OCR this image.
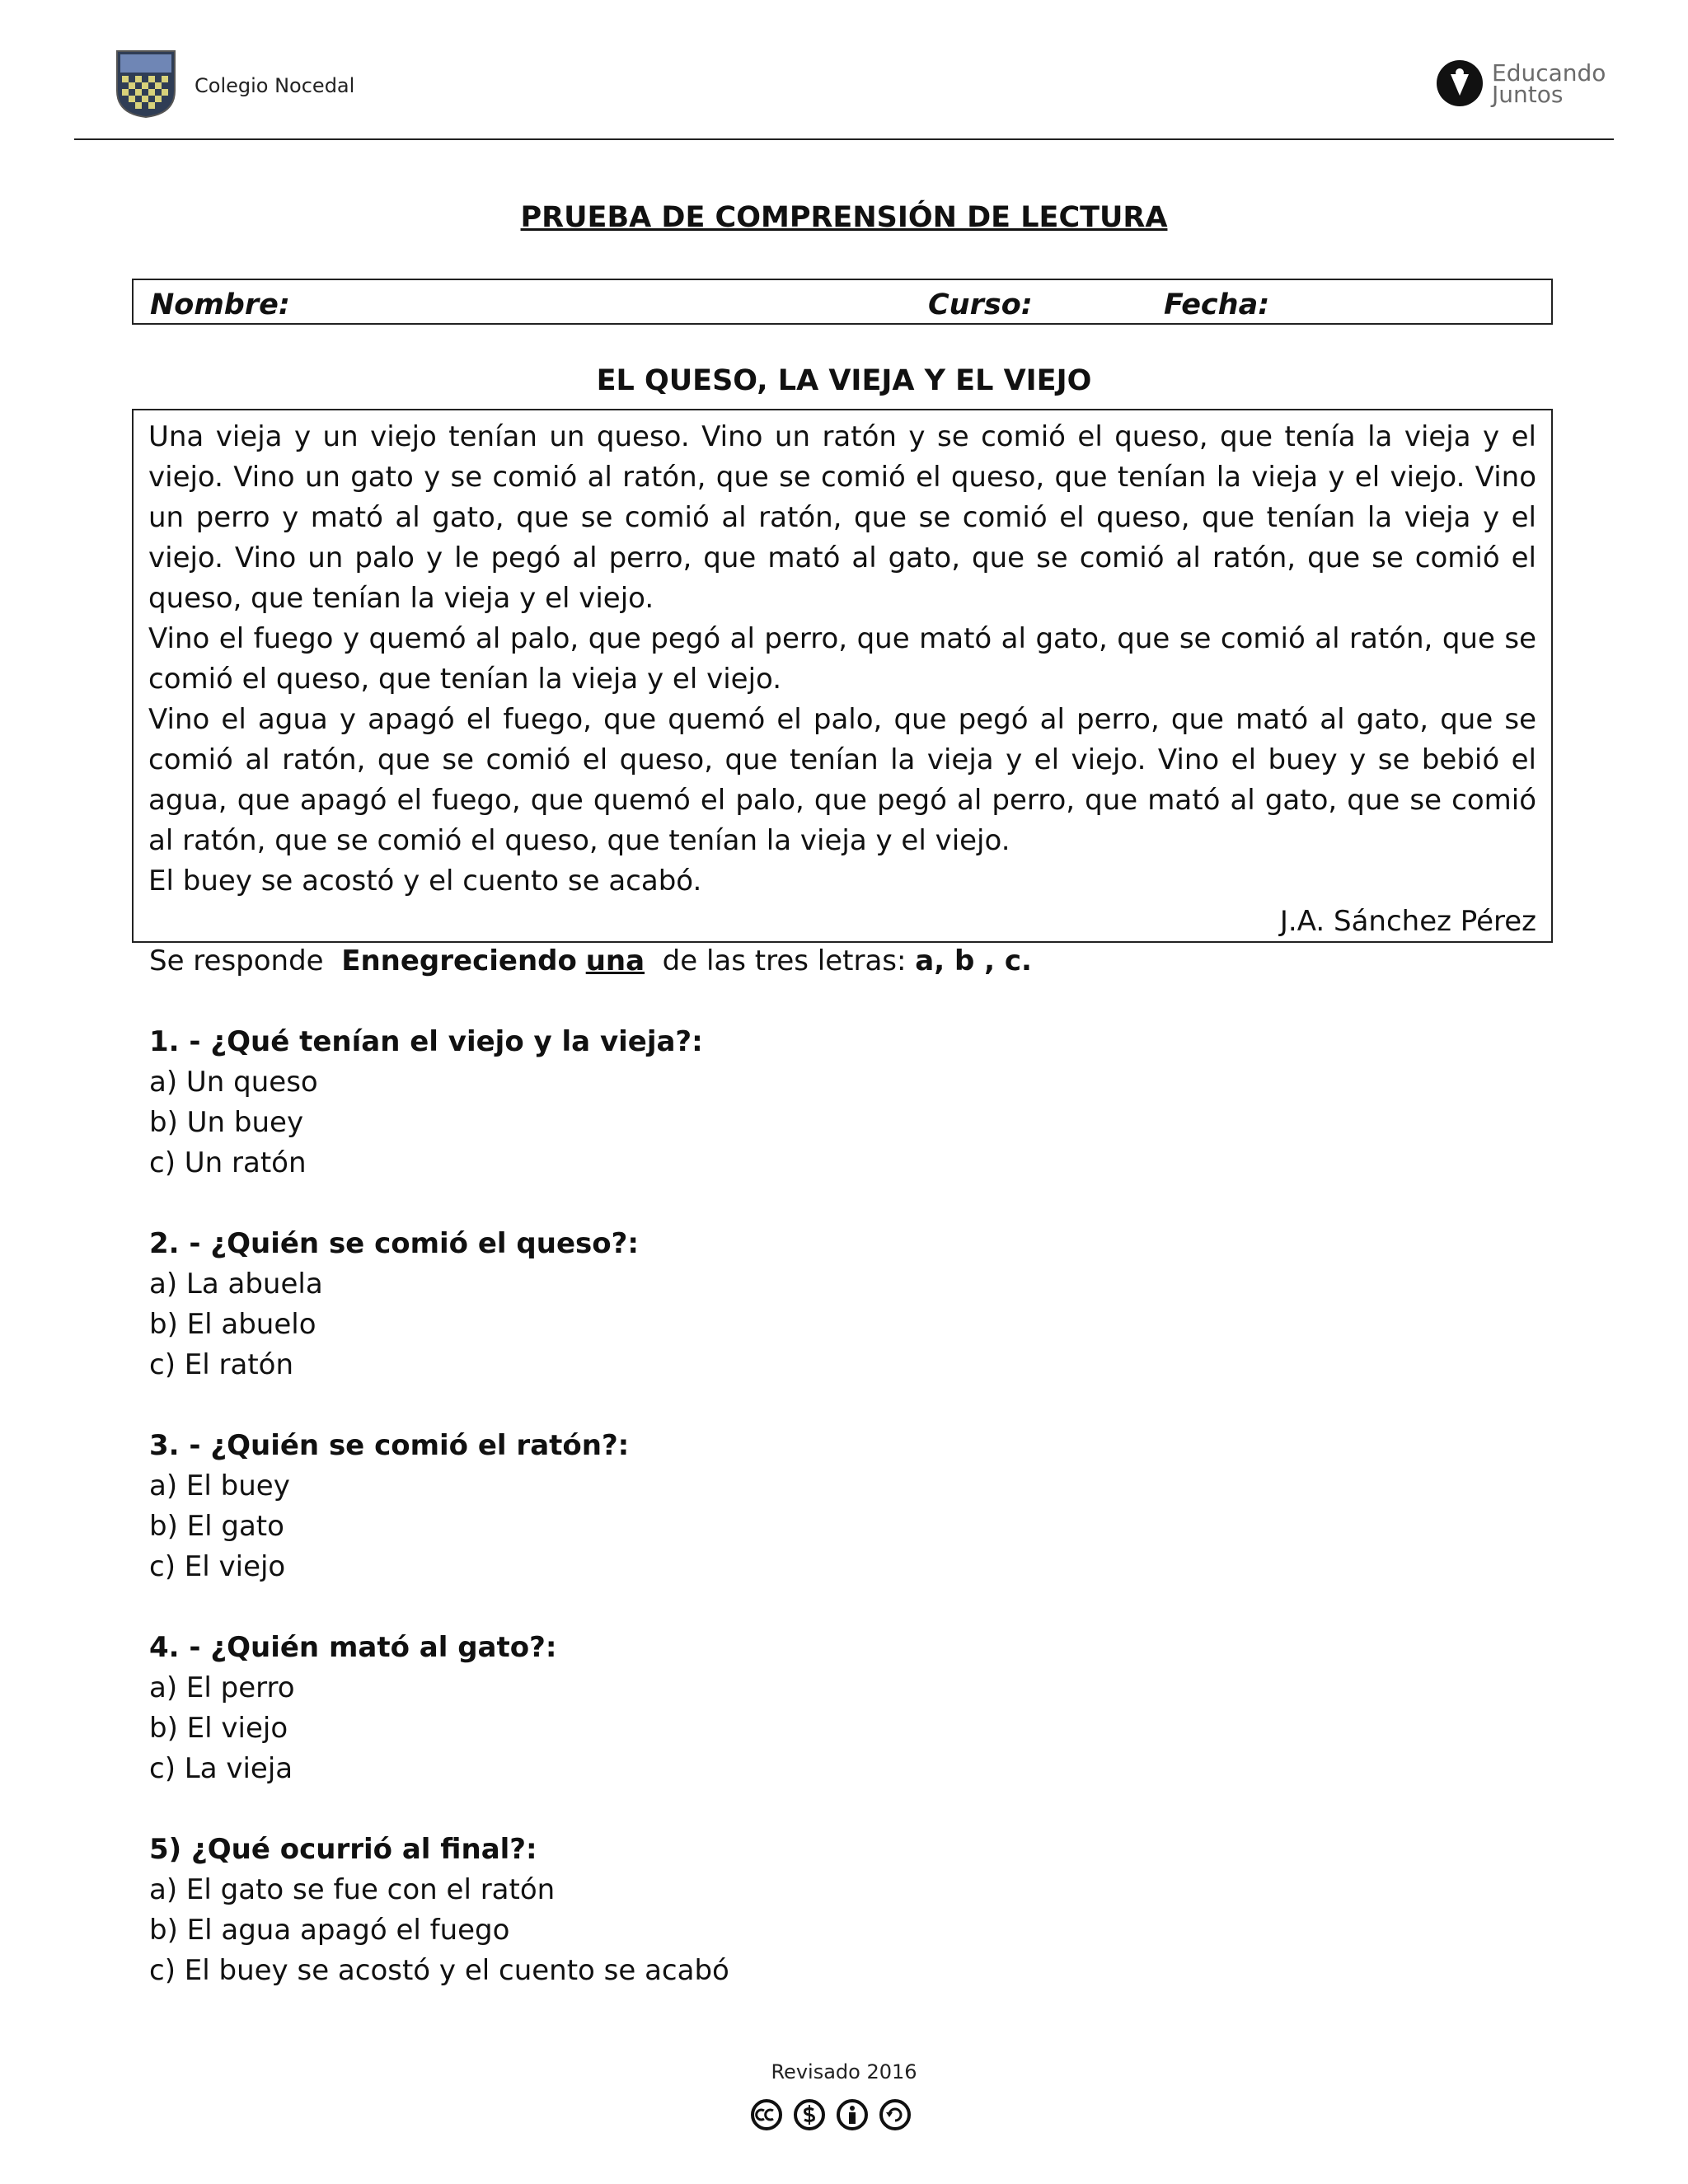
Colegio Nocedal	Educando
Juntos
PRUEBA DE COMPRENSIÓN DE LECTURA
Nombre:	Curso:	Fecha:
EL QUESO, LA VIEJA Y EL VIEJO

Una vieja y un viejo tenían un queso. Vino un ratón y se comió el queso, que tenía la vieja y el viejo. Vino un gato y se comió al ratón, que se comió el queso, que tenían la vieja y el viejo. Vino un perro y mató al gato, que se comió al ratón, que se comió el queso, que tenían la vieja y el viejo. Vino un palo y le pegó al perro, que mató al gato, que se comió al ratón, que se comió el queso, que tenían la vieja y el viejo.

Vino el fuego y quemó al palo, que pegó al perro, que mató al gato, que se comió al ratón, que se comió el queso, que tenían la vieja y el viejo.

Vino el agua y apagó el fuego, que quemó el palo, que pegó al perro, que mató al gato, que se comió al ratón, que se comió el queso, que tenían la vieja y el viejo. Vino el buey y se bebió el agua, que apagó el fuego, que quemó el palo, que pegó al perro, que mató al gato, que se comió al ratón, que se comió el queso, que tenían la vieja y el viejo.

El buey se acostó y el cuento se acabó.

J.A. Sánchez Pérez

Se responde Ennegreciendo una de las tres letras: a, b , c.
1. - ¿Qué tenían el viejo y la vieja?:
a) Un queso
b) Un buey
c) Un ratón
2. - ¿Quién se comió el queso?:
a) La abuela
b) El abuelo
c) El ratón
3. - ¿Quién se comió el ratón?:
a) El buey
b) El gato
c) El viejo
4. - ¿Quién mató al gato?:
a) El perro
b) El viejo
c) La vieja
5) ¿Qué ocurrió al final?:
a) El gato se fue con el ratón
b) El agua apagó el fuego
c) El buey se acostó y el cuento se acabó
Revisado 2016
